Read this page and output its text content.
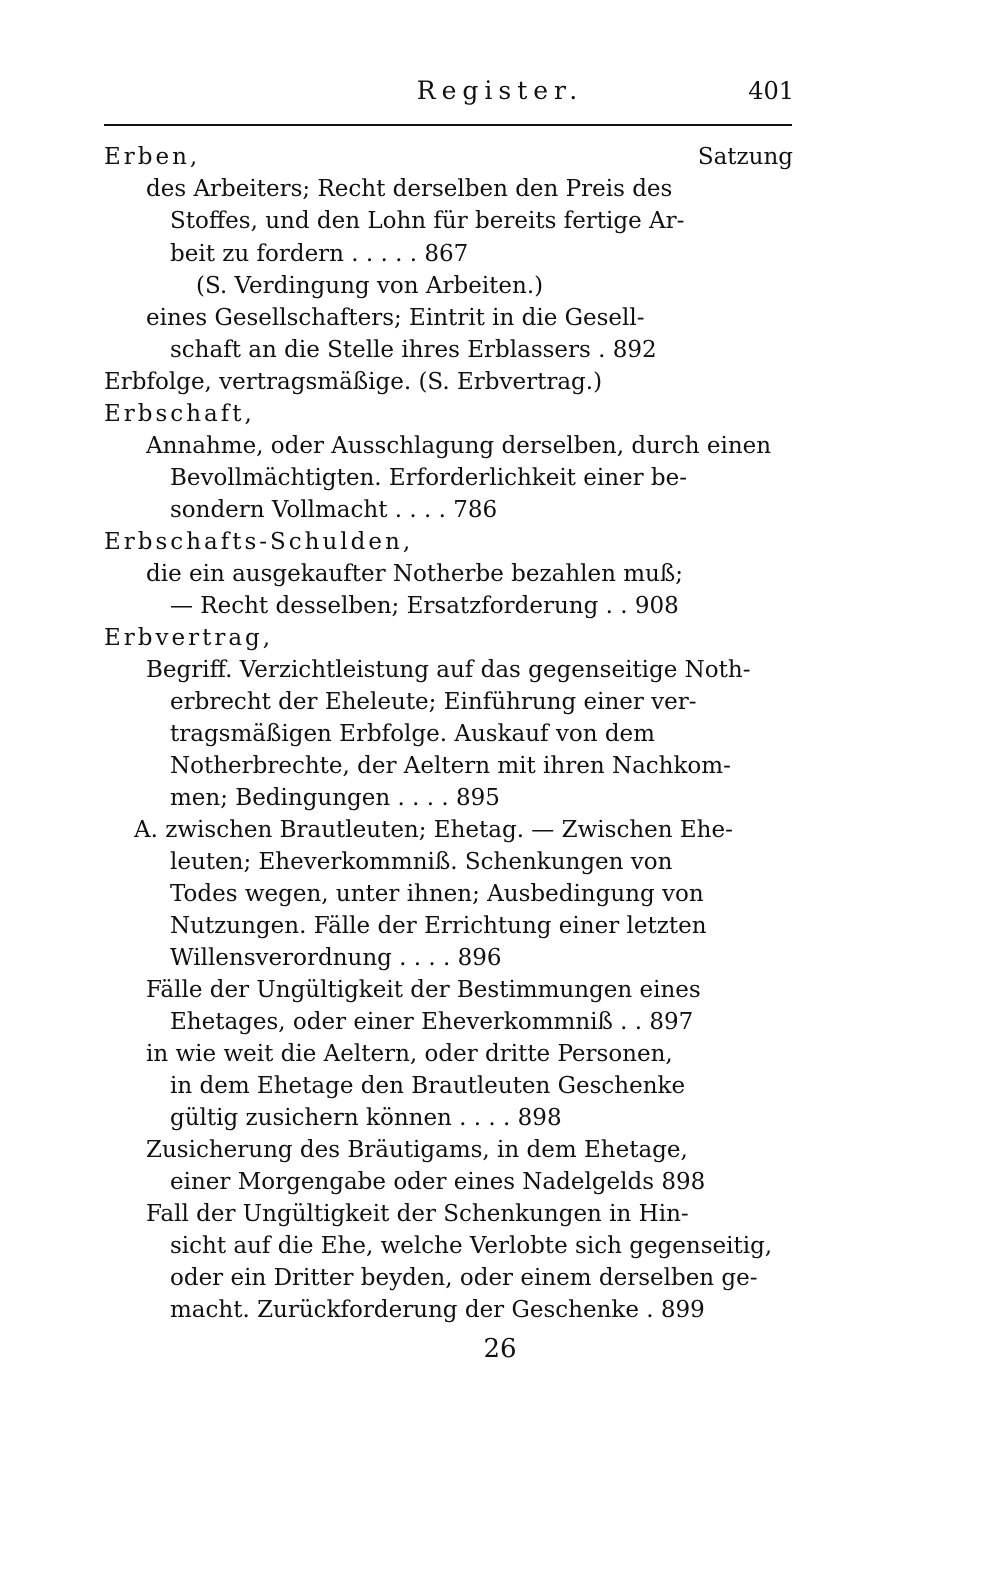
Register.	401
Erben,	Satzung
des Arbeiters; Recht derselben den Preis des
Stoffes, und den Lohn für bereits fertige Ar-
beit zu fordern . . . . . 867
(S. Verdingung von Arbeiten.)
eines Gesellschafters; Eintrit in die Gesell-
schaft an die Stelle ihres Erblassers . 892
Erbfolge, vertragsmäßige. (S. Erbvertrag.)
Erbschaft,
Annahme, oder Ausschlagung derselben, durch einen
Bevollmächtigten. Erforderlichkeit einer be-
sondern Vollmacht . . . . 786
Erbschafts-Schulden,
die ein ausgekaufter Notherbe bezahlen muß;
— Recht desselben; Ersatzforderung . . 908
Erbvertrag,
Begriff. Verzichtleistung auf das gegenseitige Noth-
erbrecht der Eheleute; Einführung einer ver-
tragsmäßigen Erbfolge. Auskauf von dem
Notherbrechte, der Aeltern mit ihren Nachkom-
men; Bedingungen . . . . 895
A. zwischen Brautleuten; Ehetag. — Zwischen Ehe-
leuten; Eheverkommniß. Schenkungen von
Todes wegen, unter ihnen; Ausbedingung von
Nutzungen. Fälle der Errichtung einer letzten
Willensverordnung . . . . 896
Fälle der Ungültigkeit der Bestimmungen eines
Ehetages, oder einer Eheverkommniß . . 897
in wie weit die Aeltern, oder dritte Personen,
in dem Ehetage den Brautleuten Geschenke
gültig zusichern können . . . . 898
Zusicherung des Bräutigams, in dem Ehetage,
einer Morgengabe oder eines Nadelgelds 898
Fall der Ungültigkeit der Schenkungen in Hin-
sicht auf die Ehe, welche Verlobte sich gegenseitig,
oder ein Dritter beyden, oder einem derselben ge-
macht. Zurückforderung der Geschenke . 899
26
